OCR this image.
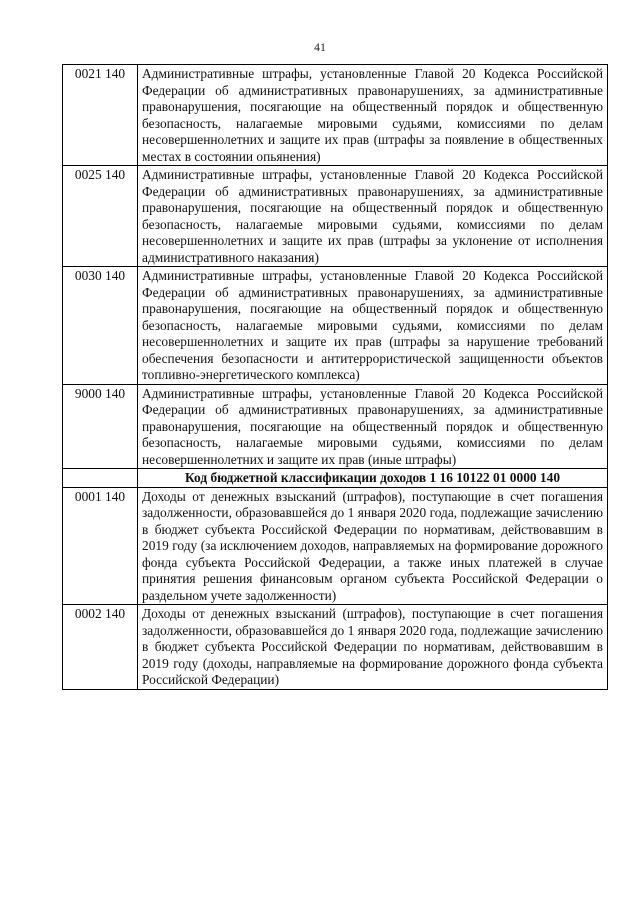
41
0021 140	Административные штрафы, установленные Главой 20 Кодекса Российской Федерации об административных правонарушениях, за административные правонарушения, посягающие на общественный порядок и общественную безопасность, налагаемые мировыми судьями, комиссиями по делам несовершеннолетних и защите их прав (штрафы за появление в общественных местах в состоянии опьянения)
0025 140	Административные штрафы, установленные Главой 20 Кодекса Российской Федерации об административных правонарушениях, за административные правонарушения, посягающие на общественный порядок и общественную безопасность, налагаемые мировыми судьями, комиссиями по делам несовершеннолетних и защите их прав (штрафы за уклонение от исполнения административного наказания)
0030 140	Административные штрафы, установленные Главой 20 Кодекса Российской Федерации об административных правонарушениях, за административные правонарушения, посягающие на общественный порядок и общественную безопасность, налагаемые мировыми судьями, комиссиями по делам несовершеннолетних и защите их прав (штрафы за нарушение требований обеспечения безопасности и антитеррористической защищенности объектов топливно-энергетического комплекса)
9000 140	Административные штрафы, установленные Главой 20 Кодекса Российской Федерации об административных правонарушениях, за административные правонарушения, посягающие на общественный порядок и общественную безопасность, налагаемые мировыми судьями, комиссиями по делам несовершеннолетних и защите их прав (иные штрафы)
	Код бюджетной классификации доходов 1 16 10122 01 0000 140
0001 140	Доходы от денежных взысканий (штрафов), поступающие в счет погашения задолженности, образовавшейся до 1 января 2020 года, подлежащие зачислению в бюджет субъекта Российской Федерации по нормативам, действовавшим в 2019 году (за исключением доходов, направляемых на формирование дорожного фонда субъекта Российской Федерации, а также иных платежей в случае принятия решения финансовым органом субъекта Российской Федерации о раздельном учете задолженности)
0002 140	Доходы от денежных взысканий (штрафов), поступающие в счет погашения задолженности, образовавшейся до 1 января 2020 года, подлежащие зачислению в бюджет субъекта Российской Федерации по нормативам, действовавшим в 2019 году (доходы, направляемые на формирование дорожного фонда субъекта Российской Федерации)
